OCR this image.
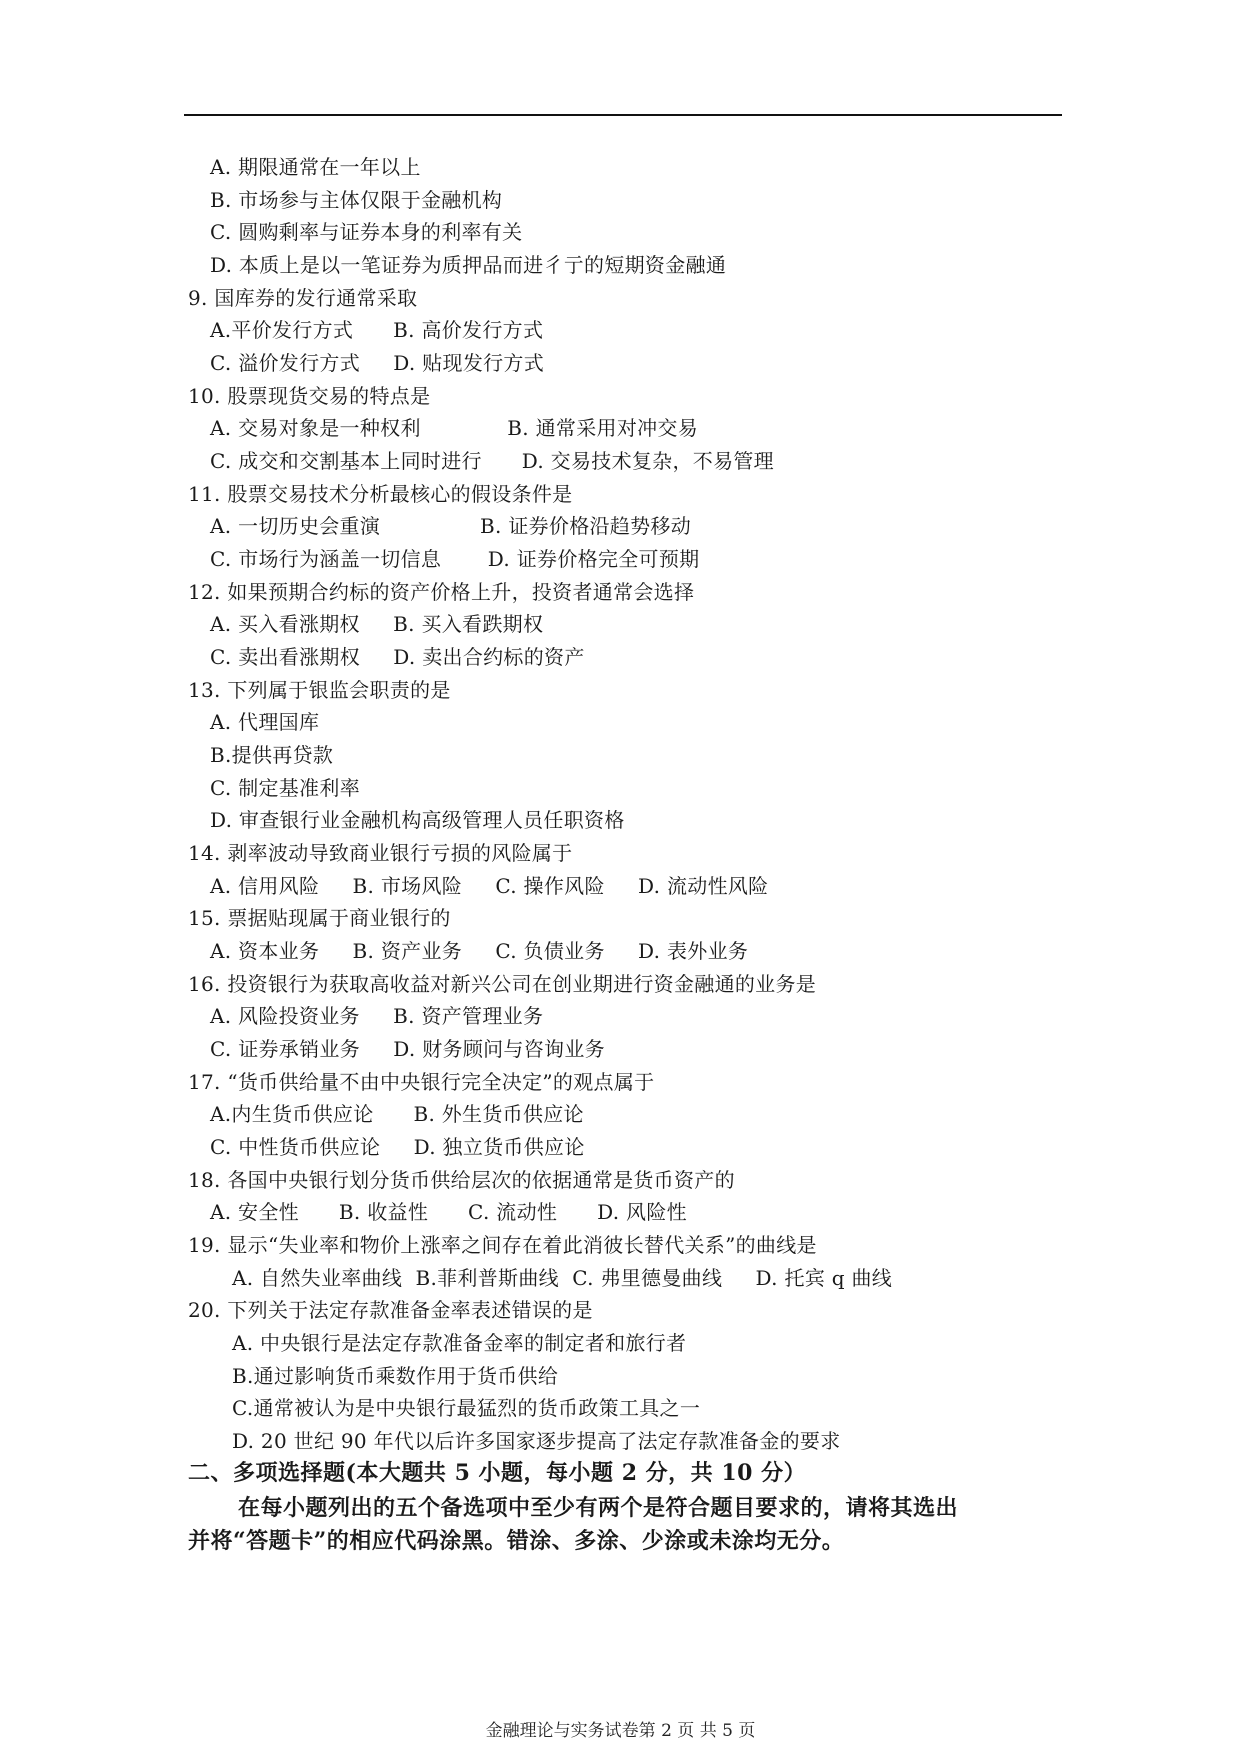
A. 期限通常在一年以上
B. 市场参与主体仅限于金融机构
C. 圆购剩率与证券本身的利率有关
D. 本质上是以一笔证券为质押品而进彳亍的短期资金融通
9. 国库券的发行通常采取
A.平价发行方式      B. 高价发行方式
C. 溢价发行方式     D. 贴现发行方式
10. 股票现货交易的特点是
A. 交易对象是一种权利             B. 通常采用对冲交易
C. 成交和交割基本上同时进行      D. 交易技术复杂，不易管理
11. 股票交易技术分析最核心的假设条件是
A. 一切历史会重演               B. 证券价格沿趋势移动
C. 市场行为涵盖一切信息       D. 证券价格完全可预期
12. 如果预期合约标的资产价格上升，投资者通常会选择
A. 买入看涨期权     B. 买入看跌期权
C. 卖出看涨期权     D. 卖出合约标的资产
13. 下列属于银监会职责的是
A. 代理国库
B.提供再贷款
C. 制定基准利率
D. 审查银行业金融机构高级管理人员任职资格
14. 剥率波动导致商业银行亏损的风险属于
A. 信用风险     B. 市场风险     C. 操作风险     D. 流动性风险
15. 票据贴现属于商业银行的
A. 资本业务     B. 资产业务     C. 负债业务     D. 表外业务
16. 投资银行为获取高收益对新兴公司在创业期进行资金融通的业务是
A. 风险投资业务     B. 资产管理业务
C. 证券承销业务     D. 财务顾问与咨询业务
17. “货币供给量不由中央银行完全决定”的观点属于
A.内生货币供应论      B. 外生货币供应论
C. 中性货币供应论     D. 独立货币供应论
18. 各国中央银行划分货币供给层次的依据通常是货币资产的
A. 安全性      B. 收益性      C. 流动性      D. 风险性
19. 显示“失业率和物价上涨率之间存在着此消彼长替代关系”的曲线是
A. 自然失业率曲线  B.菲利普斯曲线  C. 弗里德曼曲线     D. 托宾 q 曲线
20. 下列关于法定存款准备金率表述错误的是
A. 中央银行是法定存款准备金率的制定者和旅行者
B.通过影响货币乘数作用于货币供给
C.通常被认为是中央银行最猛烈的货币政策工具之一
D. 20 世纪 90 年代以后许多国家逐步提高了法定存款准备金的要求
二、多项选择题(本大题共 5 小题，每小题 2 分，共 10 分）
在每小题列出的五个备选项中至少有两个是符合题目要求的，请将其选出
并将“答题卡”的相应代码涂黑。错涂、多涂、少涂或未涂均无分。
金融理论与实务试卷第 2 页 共 5 页
